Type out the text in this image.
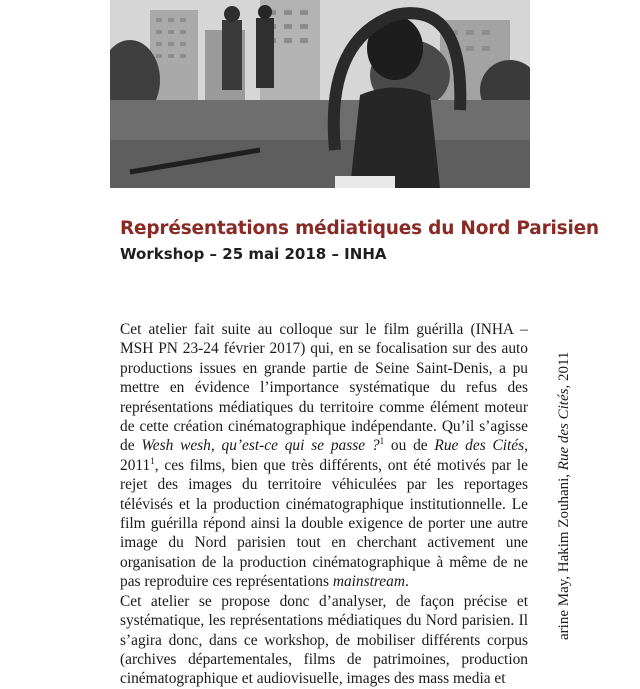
Représentations médiatiques du Nord Parisien
Workshop – 25 mai 2018 – INHA

Cet atelier fait suite au colloque sur le film guérilla (INHA – MSH PN 23-24 février 2017) qui, en se focalisation sur des auto productions issues en grande partie de Seine Saint-Denis, a pu mettre en évidence l’importance systématique du refus des représentations médiatiques du territoire comme élément moteur de cette création cinématographique indépendante. Qu’il s’agisse de Wesh wesh, qu’est-ce qui se passe ?$^1$ ou de Rue des Cités, 2011$^1$, ces films, bien que très différents, ont été motivés par le rejet des images du territoire véhiculées par les reportages télévisés et la production cinématographique institutionnelle. Le film guérilla répond ainsi la double exigence de porter une autre image du Nord parisien tout en cherchant activement une organisation de la production cinématographique à même de ne pas reproduire ces représentations mainstream.

Cet atelier se propose donc d’analyser, de façon précise et systématique, les représentations médiatiques du Nord parisien. Il s’agira donc, dans ce workshop, de mobiliser différents corpus (archives départementales, films de patrimoines, production cinématographique et audiovisuelle, images des mass media et

arine May, Hakim Zouhani, Rue des Cités, 2011
